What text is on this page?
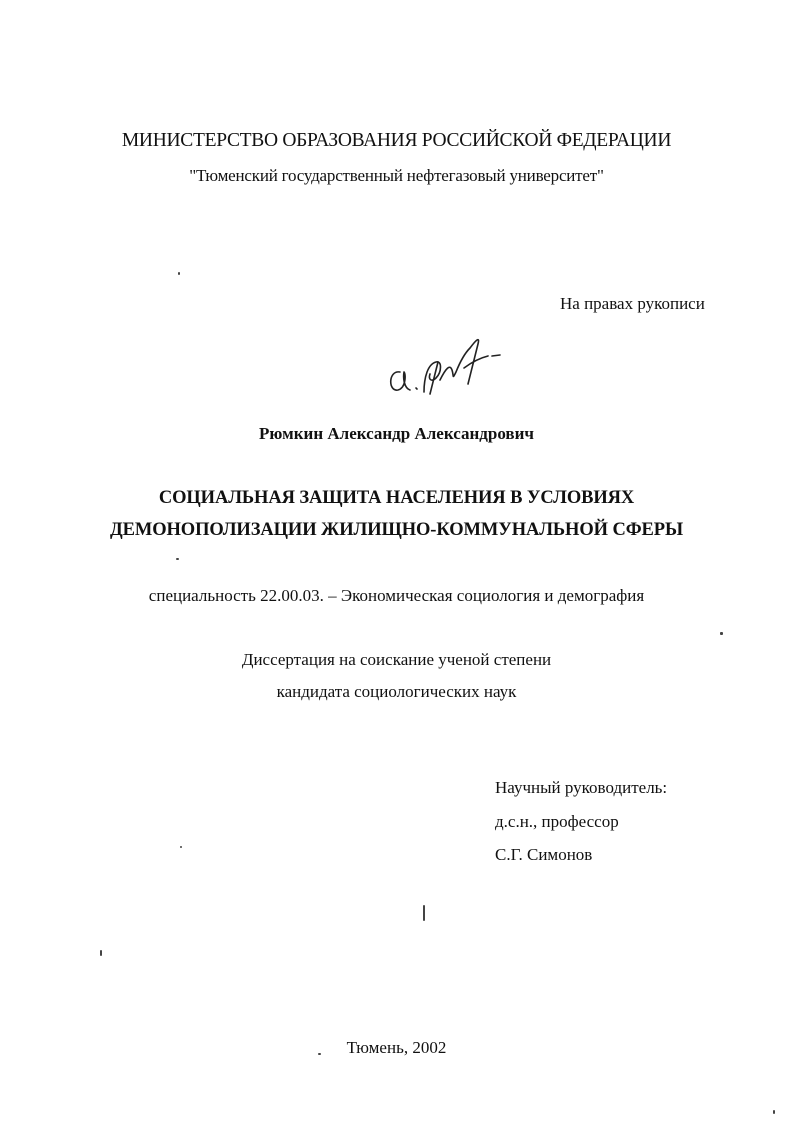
МИНИСТЕРСТВО ОБРАЗОВАНИЯ РОССИЙСКОЙ ФЕДЕРАЦИИ
"Тюменский государственный нефтегазовый университет"
На правах рукописи
Рюмкин Александр Александрович
СОЦИАЛЬНАЯ ЗАЩИТА НАСЕЛЕНИЯ В УСЛОВИЯХ
ДЕМОНОПОЛИЗАЦИИ ЖИЛИЩНО-КОММУНАЛЬНОЙ СФЕРЫ
специальность 22.00.03. – Экономическая социология и демография
Диссертация на соискание ученой степени
кандидата социологических наук
Научный руководитель:
д.с.н., профессор
С.Г. Симонов
Тюмень, 2002
